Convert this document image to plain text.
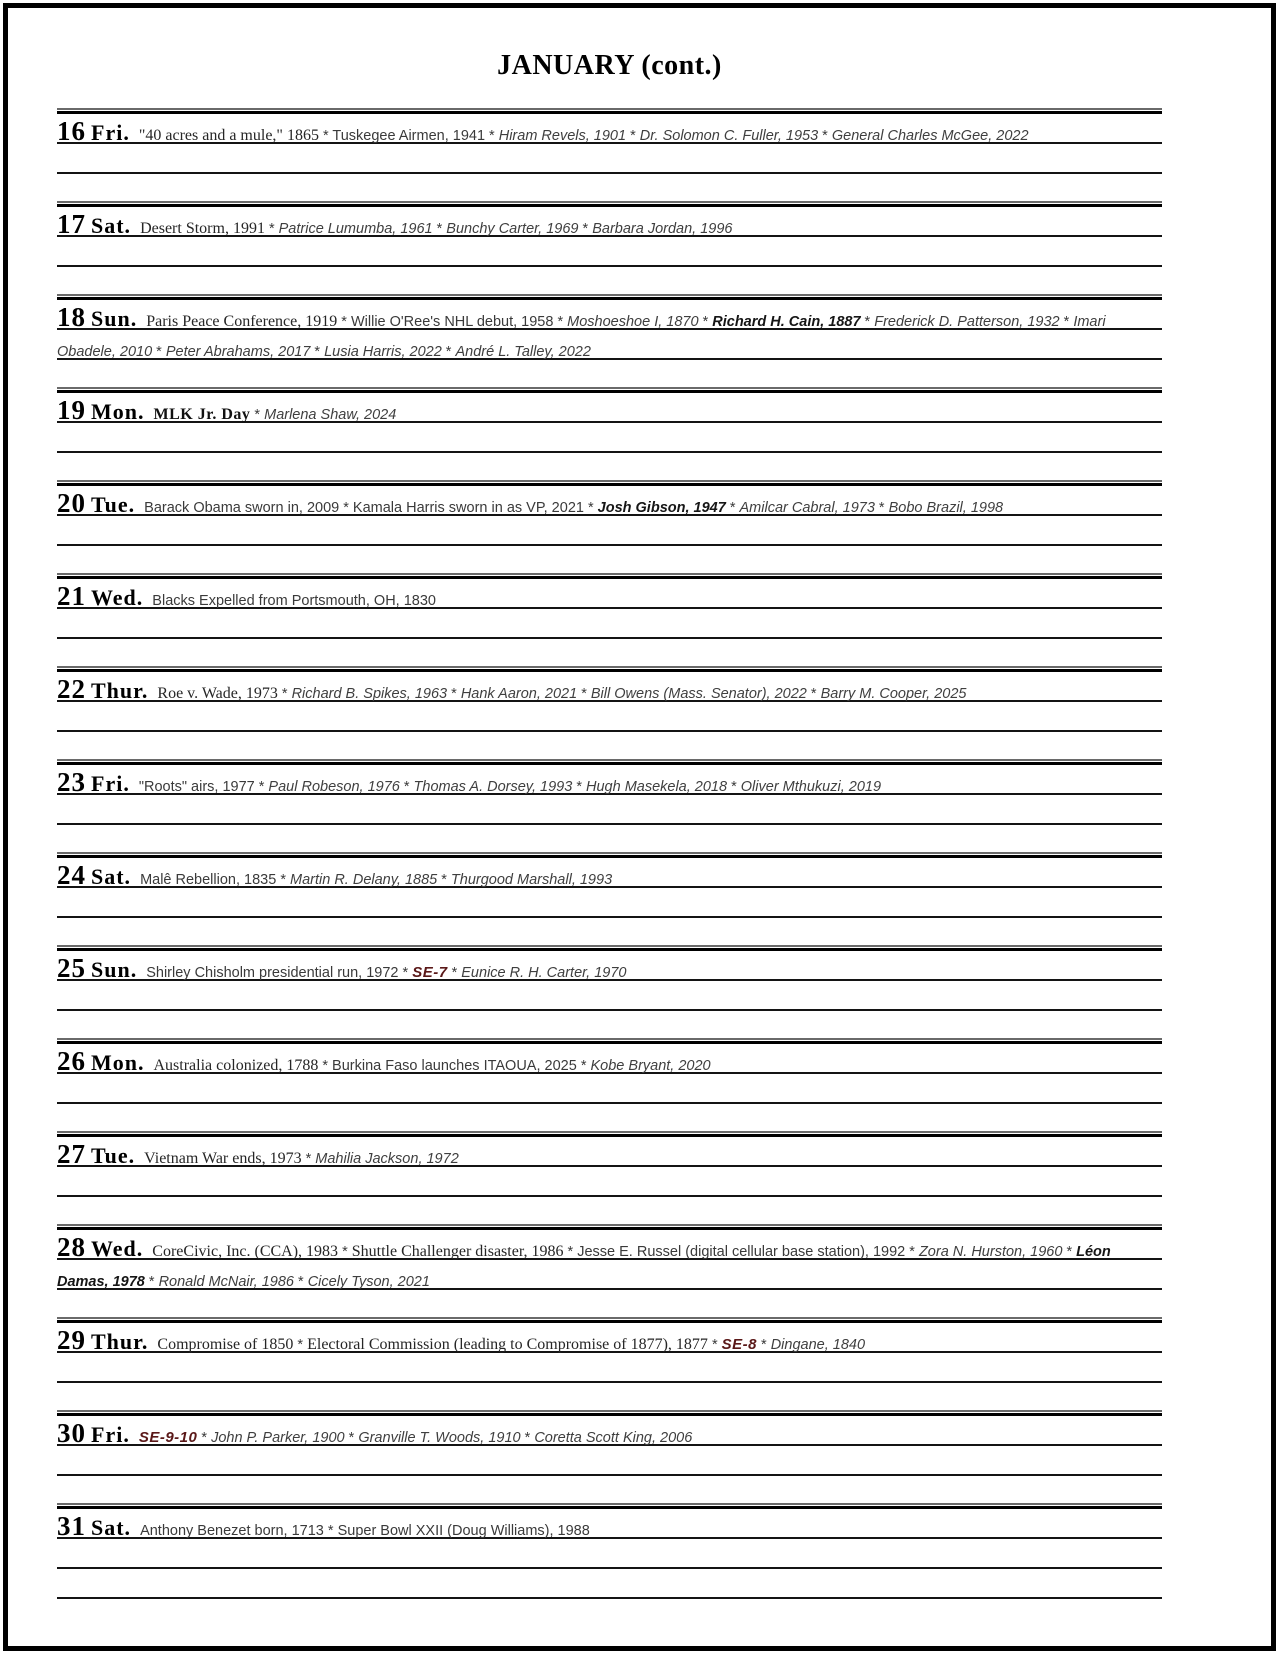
JANUARY (cont.)
16 Fri. "40 acres and a mule," 1865 * Tuskegee Airmen, 1941 * Hiram Revels, 1901 * Dr. Solomon C. Fuller, 1953 * General Charles McGee, 2022
17 Sat. Desert Storm, 1991 * Patrice Lumumba, 1961 * Bunchy Carter, 1969 * Barbara Jordan, 1996
18 Sun. Paris Peace Conference, 1919 * Willie O'Ree's NHL debut, 1958 * Moshoeshoe I, 1870 * Richard H. Cain, 1887 * Frederick D. Patterson, 1932 * Imari Obadele, 2010 * Peter Abrahams, 2017 * Lusia Harris, 2022 * André L. Talley, 2022
19 Mon. MLK Jr. Day * Marlena Shaw, 2024
20 Tue. Barack Obama sworn in, 2009 * Kamala Harris sworn in as VP, 2021 * Josh Gibson, 1947 * Amilcar Cabral, 1973 * Bobo Brazil, 1998
21 Wed. Blacks Expelled from Portsmouth, OH, 1830
22 Thur. Roe v. Wade, 1973 * Richard B. Spikes, 1963 * Hank Aaron, 2021 * Bill Owens (Mass. Senator), 2022 * Barry M. Cooper, 2025
23 Fri. "Roots" airs, 1977 * Paul Robeson, 1976 * Thomas A. Dorsey, 1993 * Hugh Masekela, 2018 * Oliver Mthukuzi, 2019
24 Sat. Malê Rebellion, 1835 * Martin R. Delany, 1885 * Thurgood Marshall, 1993
25 Sun. Shirley Chisholm presidential run, 1972 * SE-7 * Eunice R. H. Carter, 1970
26 Mon. Australia colonized, 1788 * Burkina Faso launches ITAOUA, 2025 * Kobe Bryant, 2020
27 Tue. Vietnam War ends, 1973 * Mahilia Jackson, 1972
28 Wed. CoreCivic, Inc. (CCA), 1983 * Shuttle Challenger disaster, 1986 * Jesse E. Russel (digital cellular base station), 1992 * Zora N. Hurston, 1960 * Léon Damas, 1978 * Ronald McNair, 1986 * Cicely Tyson, 2021
29 Thur. Compromise of 1850 * Electoral Commission (leading to Compromise of 1877), 1877 * SE-8 * Dingane, 1840
30 Fri. SE-9-10 * John P. Parker, 1900 * Granville T. Woods, 1910 * Coretta Scott King, 2006
31 Sat. Anthony Benezet born, 1713 * Super Bowl XXII (Doug Williams), 1988
